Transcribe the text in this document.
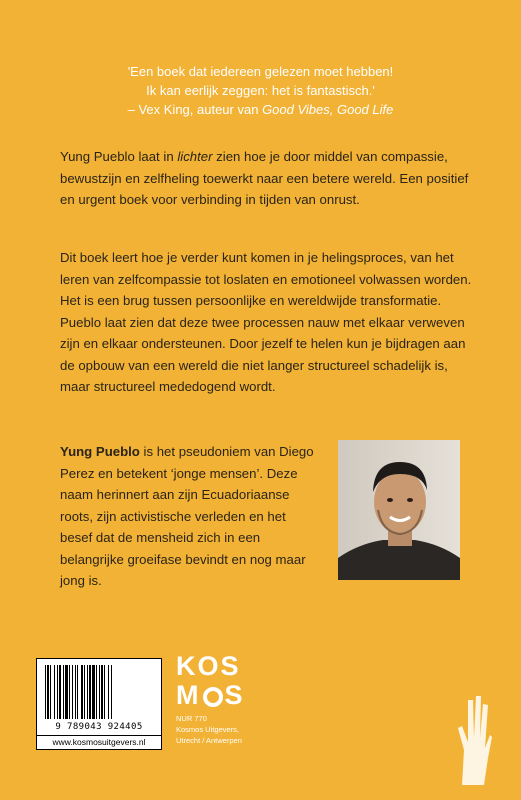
'Een boek dat iedereen gelezen moet hebben!
Ik kan eerlijk zeggen: het is fantastisch.'
– Vex King, auteur van Good Vibes, Good Life
Yung Pueblo laat in lichter zien hoe je door middel van compassie, bewustzijn en zelfheling toewerkt naar een betere wereld. Een positief en urgent boek voor verbinding in tijden van onrust.
Dit boek leert hoe je verder kunt komen in je helingsproces, van het leren van zelfcompassie tot loslaten en emotioneel volwassen worden. Het is een brug tussen persoonlijke en wereldwijde transformatie. Pueblo laat zien dat deze twee processen nauw met elkaar verweven zijn en elkaar ondersteunen. Door jezelf te helen kun je bijdragen aan de opbouw van een wereld die niet langer structureel schadelijk is, maar structureel mededogend wordt.
Yung Pueblo is het pseudoniem van Diego Perez en betekent ‘jonge mensen’. Deze naam herinnert aan zijn Ecuadoriaanse roots, zijn activistische verleden en het besef dat de mensheid zich in een belangrijke groeifase bevindt en nog maar jong is.
9 789043 924405
www.kosmosuitgevers.nl
KOS
M S
NUR 770
Kosmos Uitgevers,
Utrecht / Antwerpen
